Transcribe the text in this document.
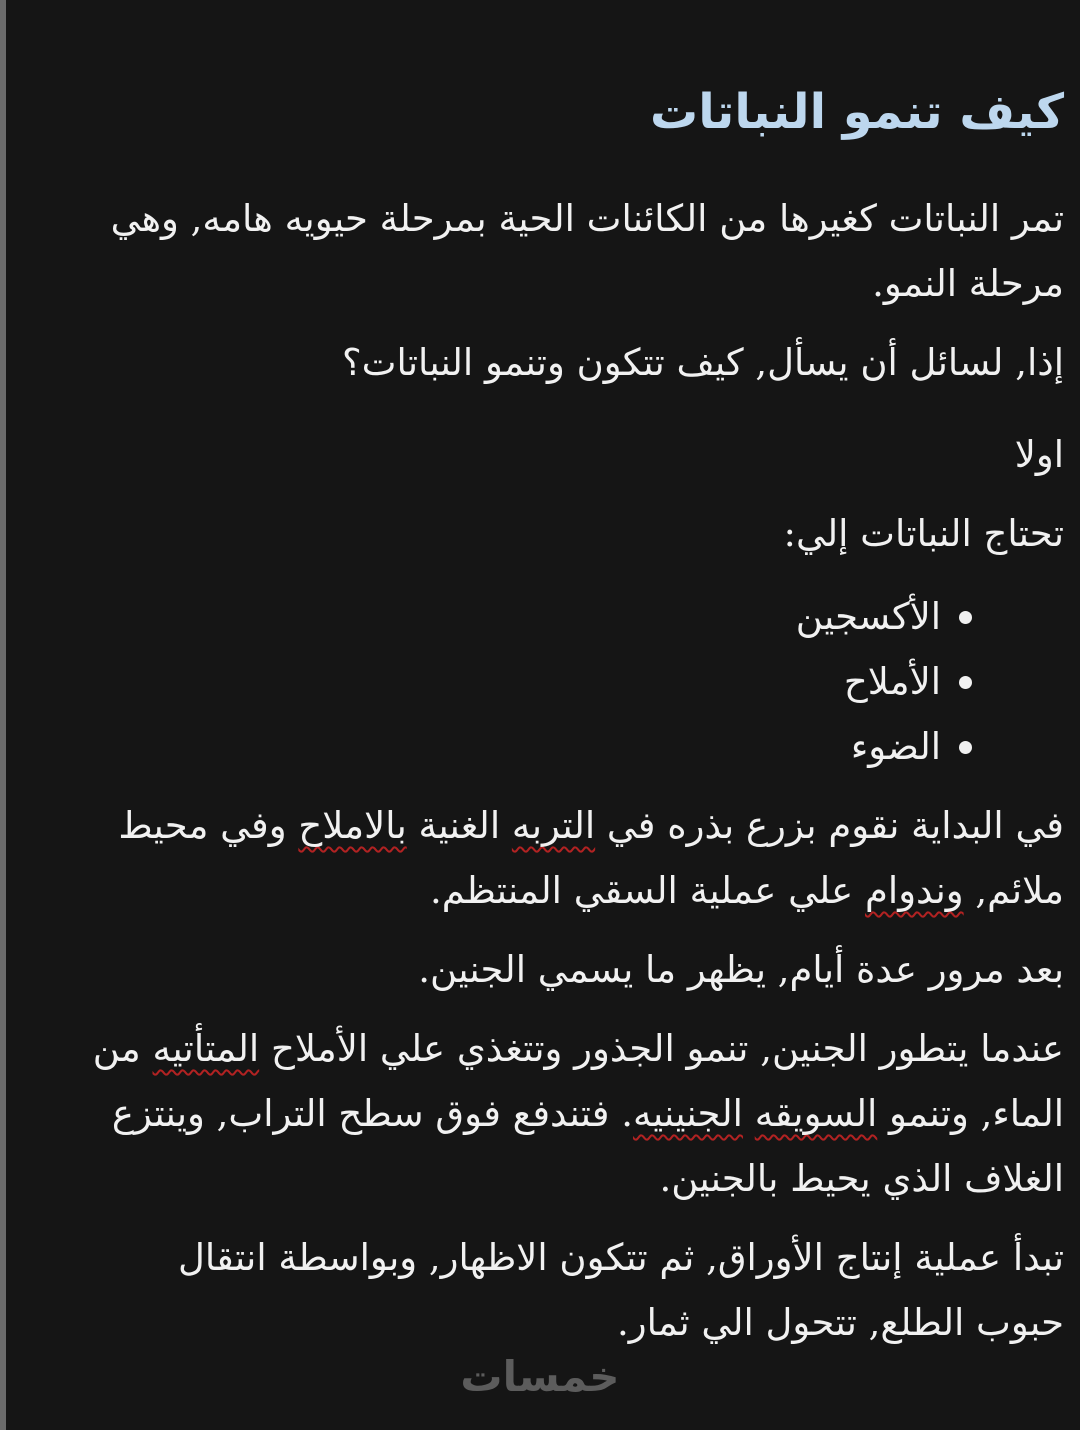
كيف تنمو النباتات

تمر النباتات كغيرها من الكائنات الحية بمرحلة حيويه هامه, وهي مرحلة النمو.

إذا, لسائل أن يسأل, كيف تتكون وتنمو النباتات؟

اولا

تحتاج النباتات إلي:

الأكسجين
الأملاح
الضوء

في البداية نقوم بزرع بذره في التربه الغنية بالاملاح وفي محيط ملائم, وندوام علي عملية السقي المنتظم.

بعد مرور عدة أيام, يظهر ما يسمي الجنين.

عندما يتطور الجنين, تنمو الجذور وتتغذي علي الأملاح المتأتيه من الماء, وتنمو السويقه الجنينيه. فتندفع فوق سطح التراب, وينتزع الغلاف الذي يحيط بالجنين.

تبدأ عملية إنتاج الأوراق, ثم تتكون الاظهار, وبواسطة انتقال حبوب الطلع, تتحول الي ثمار.

خمسات
